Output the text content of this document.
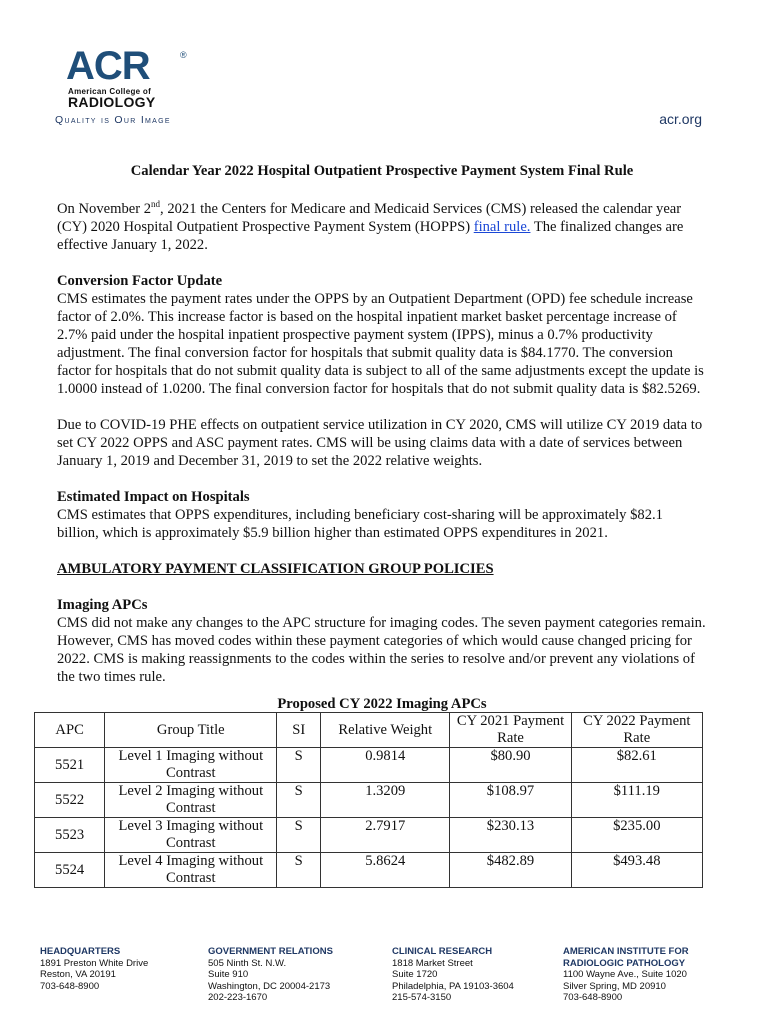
ACR	®
American College of
RADIOLOGY
Quality is Our Image	acr.org

Calendar Year 2022 Hospital Outpatient Prospective Payment System Final Rule

On November 2nd, 2021 the Centers for Medicare and Medicaid Services (CMS) released the calendar year (CY) 2020 Hospital Outpatient Prospective Payment System (HOPPS) final rule. The finalized changes are effective January 1, 2022.

Conversion Factor Update

CMS estimates the payment rates under the OPPS by an Outpatient Department (OPD) fee schedule increase factor of 2.0%. This increase factor is based on the hospital inpatient market basket percentage increase of 2.7% paid under the hospital inpatient prospective payment system (IPPS), minus a 0.7% productivity adjustment. The final conversion factor for hospitals that submit quality data is $84.1770. The conversion factor for hospitals that do not submit quality data is subject to all of the same adjustments except the update is 1.0000 instead of 1.0200. The final conversion factor for hospitals that do not submit quality data is $82.5269.

Due to COVID-19 PHE effects on outpatient service utilization in CY 2020, CMS will utilize CY 2019 data to set CY 2022 OPPS and ASC payment rates. CMS will be using claims data with a date of services between January 1, 2019 and December 31, 2019 to set the 2022 relative weights.

Estimated Impact on Hospitals

CMS estimates that OPPS expenditures, including beneficiary cost-sharing will be approximately $82.1 billion, which is approximately $5.9 billion higher than estimated OPPS expenditures in 2021.

AMBULATORY PAYMENT CLASSIFICATION GROUP POLICIES

Imaging APCs

CMS did not make any changes to the APC structure for imaging codes. The seven payment categories remain. However, CMS has moved codes within these payment categories of which would cause changed pricing for 2022. CMS is making reassignments to the codes within the series to resolve and/or prevent any violations of the two times rule.

Proposed CY 2022 Imaging APCs

APC	Group Title	SI	Relative Weight	CY 2021 Payment Rate	CY 2022 Payment Rate
5521	Level 1 Imaging without Contrast	S	0.9814	$80.90	$82.61
5522	Level 2 Imaging without Contrast	S	1.3209	$108.97	$111.19
5523	Level 3 Imaging without Contrast	S	2.7917	$230.13	$235.00
5524	Level 4 Imaging without Contrast	S	5.8624	$482.89	$493.48
HEADQUARTERS
1891 Preston White Drive
Reston, VA 20191
703-648-8900
GOVERNMENT RELATIONS
505 Ninth St. N.W.
Suite 910
Washington, DC 20004-2173
202-223-1670
CLINICAL RESEARCH
1818 Market Street
Suite 1720
Philadelphia, PA 19103-3604
215-574-3150
AMERICAN INSTITUTE FOR
RADIOLOGIC PATHOLOGY
1100 Wayne Ave., Suite 1020
Silver Spring, MD 20910
703-648-8900
